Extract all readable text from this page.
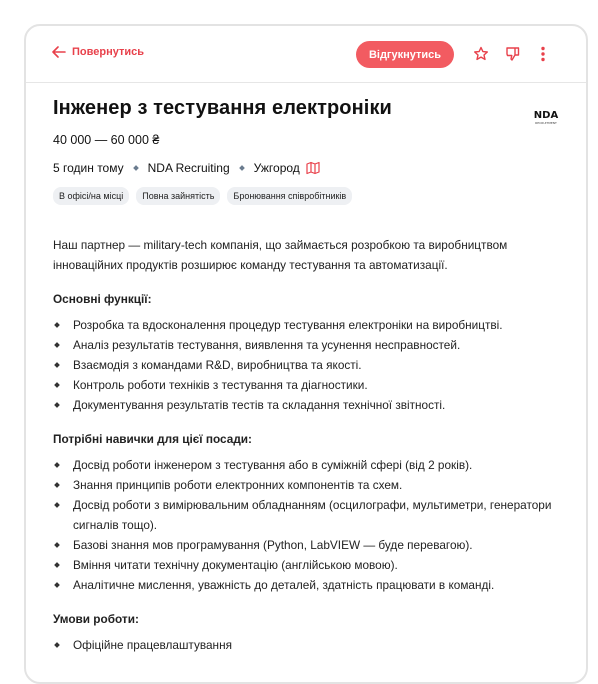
Повернутись	Відгукнутись
Інженер з тестування електроніки	NDA
RECRUITMENT
40 000 — 60 000 ₴
5 годин тому NDA Recruiting Ужгород
В офісі/на місці	Повна зайнятість	Бронювання співробітників
Наш партнер — military-tech компанія, що займається розробкою та виробництвом інноваційних продуктів розширює команду тестування та автоматизації.
Основні функції:
Розробка та вдосконалення процедур тестування електроніки на виробництві.
Аналіз результатів тестування, виявлення та усунення несправностей.
Взаємодія з командами R&D, виробництва та якості.
Контроль роботи техніків з тестування та діагностики.
Документування результатів тестів та складання технічної звітності.
Потрібні навички для цієї посади:
Досвід роботи інженером з тестування або в суміжній сфері (від 2 років).
Знання принципів роботи електронних компонентів та схем.
Досвід роботи з вимірювальним обладнанням (осцилографи, мультиметри, генератори сигналів тощо).
Базові знання мов програмування (Python, LabVIEW — буде перевагою).
Вміння читати технічну документацію (англійською мовою).
Аналітичне мислення, уважність до деталей, здатність працювати в команді.
Умови роботи:
Офіційне працевлаштування
